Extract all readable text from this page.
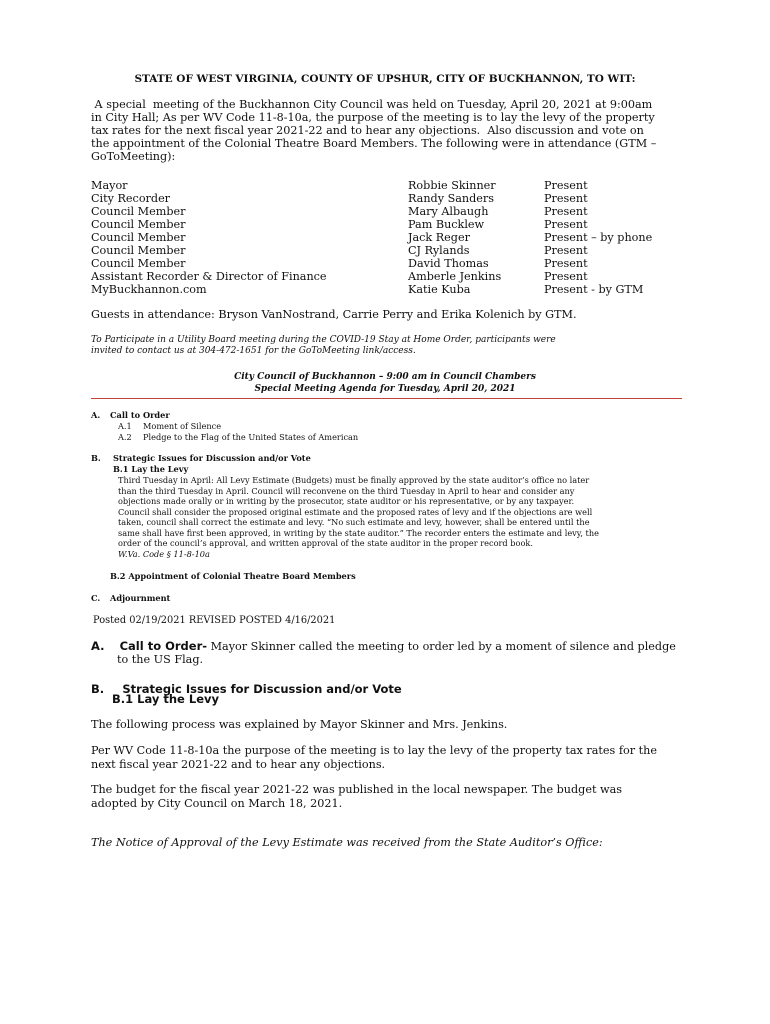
STATE OF WEST VIRGINIA, COUNTY OF UPSHUR, CITY OF BUCKHANNON, TO WIT:

A special  meeting of the Buckhannon City Council was held on Tuesday, April 20, 2021 at 9:00am

in City Hall; As per WV Code 11-8-10a, the purpose of the meeting is to lay the levy of the property

tax rates for the next fiscal year 2021-22 and to hear any objections.  Also discussion and vote on

the appointment of the Colonial Theatre Board Members. The following were in attendance (GTM –

GoToMeeting):

Mayor	Robbie Skinner	Present
City Recorder	Randy Sanders	Present
Council Member	Mary Albaugh	Present
Council Member	Pam Bucklew	Present
Council Member	Jack Reger	Present – by phone
Council Member	CJ Rylands	Present
Council Member	David Thomas	Present
Assistant Recorder & Director of Finance	Amberle Jenkins	Present
MyBuckhannon.com	Katie Kuba	Present - by GTM
Guests in attendance: Bryson VanNostrand, Carrie Perry and Erika Kolenich by GTM.

To Participate in a Utility Board meeting during the COVID-19 Stay at Home Order, participants were

invited to contact us at 304-472-1651 for the GoToMeeting link/access.

City Council of Buckhannon – 9:00 am in Council Chambers
Special Meeting Agenda for Tuesday, April 20, 2021
A. Call to Order
A.1 Moment of Silence
A.2 Pledge to the Flag of the United States of American
B. Strategic Issues for Discussion and/or Vote
B.1 Lay the Levy

Third Tuesday in April: All Levy Estimate (Budgets) must be finally approved by the state auditor’s office no later

than the third Tuesday in April. Council will reconvene on the third Tuesday in April to hear and consider any

objections made orally or in writing by the prosecutor, state auditor or his representative, or by any taxpayer.

Council shall consider the proposed original estimate and the proposed rates of levy and if the objections are well

taken, council shall correct the estimate and levy. “No such estimate and levy, however, shall be entered until the

same shall have first been approved, in writing by the state auditor.” The recorder enters the estimate and levy, the

order of the council’s approval, and written approval of the state auditor in the proper record book.

W.Va. Code § 11-8-10a

B.2 Appointment of Colonial Theatre Board Members
C. Adjournment
Posted 02/19/2021 REVISED POSTED 4/16/2021
A. Call to Order- Mayor Skinner called the meeting to order led by a moment of silence and pledge
to the US Flag.
B. Strategic Issues for Discussion and/or Vote
B.1 Lay the Levy
The following process was explained by Mayor Skinner and Mrs. Jenkins.

Per WV Code 11-8-10a the purpose of the meeting is to lay the levy of the property tax rates for the

next fiscal year 2021-22 and to hear any objections.

The budget for the fiscal year 2021-22 was published in the local newspaper. The budget was

adopted by City Council on March 18, 2021.

The Notice of Approval of the Levy Estimate was received from the State Auditor’s Office:
